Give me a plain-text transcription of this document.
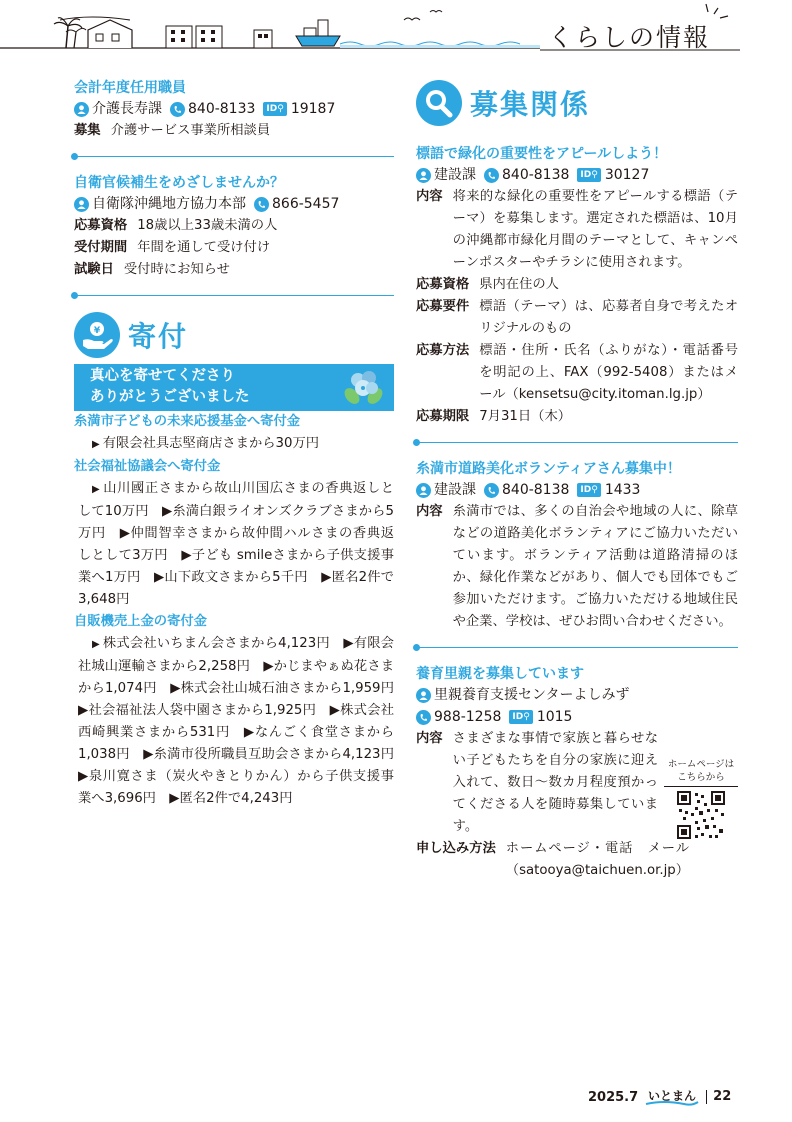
くらしの情報
会計年度任用職員
介護長寿課 840-8133 ID ⚲ 19187
募集 介護サービス事業所相談員
自衛官候補生をめざしませんか？
自衛隊沖縄地方協力本部 866-5457
応募資格 18歳以上33歳未満の人
受付期間 年間を通して受け付け
試験日 受付時にお知らせ
¥ 寄付
真心を寄せてくださり
ありがとうございました
糸満市子どもの未来応援基金へ寄付金
▶ 有限会社具志堅商店さまから30万円
社会福祉協議会へ寄付金
▶ 山川國正さまから故山川国広さまの香典返しとして10万円　▶糸満白銀ライオンズクラブさまから5万円　▶仲間智幸さまから故仲間ハルさまの香典返しとして3万円　▶子ども smileさまから子供支援事業へ1万円　▶山下政文さまから5千円　▶匿名2件で3,648円
自販機売上金の寄付金
▶ 株式会社いちまん会さまから4,123円　▶有限会社城山運輸さまから2,258円　▶かじまやぁぬ花さまから1,074円　▶株式会社山城石油さまから1,959円　▶社会福祉法人袋中園さまから1,925円　▶株式会社西崎興業さまから531円　▶なんごく食堂さまから1,038円　▶糸満市役所職員互助会さまから4,123円　▶泉川寛さま（炭火やきとりかん）から子供支援事業へ3,696円　▶匿名2件で4,243円
募集関係
標語で緑化の重要性をアピールしよう！
建設課 840-8138 ID ⚲ 30127
内容 将来的な緑化の重要性をアピールする標語（テーマ）を募集します。選定された標語は、10月の沖縄都市緑化月間のテーマとして、キャンペーンポスターやチラシに使用されます。
応募資格 県内在住の人
応募要件 標語（テーマ）は、応募者自身で考えたオリジナルのもの
応募方法 標語・住所・氏名（ふりがな）・電話番号を明記の上、FAX（992-5408）またはメール（kensetsu@city.itoman.lg.jp）
応募期限 7月31日（木）
糸満市道路美化ボランティアさん募集中！
建設課 840-8138 ID ⚲ 1433
内容 糸満市では、多くの自治会や地域の人に、除草などの道路美化ボランティアにご協力いただいています。ボランティア活動は道路清掃のほか、緑化作業などがあり、個人でも団体でもご参加いただけます。ご協力いただける地域住民や企業、学校は、ぜひお問い合わせください。
養育里親を募集しています
里親養育支援センターよしみず
988-1258 ID ⚲ 1015
内容 さまざまな事情で家族と暮らせない子どもたちを自分の家族に迎え入れて、数日～数カ月程度預かってくださる人を随時募集しています。
申し込み方法 ホームページ・電話　メール（satooya@taichuen.or.jp）
ホームページは
こちらから
2025.7 いとまん	22
